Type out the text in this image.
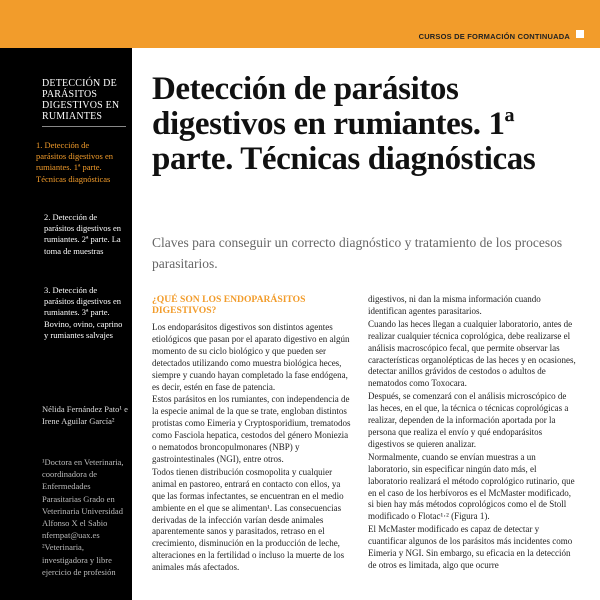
CURSOS DE FORMACIÓN CONTINUADA
DETECCIÓN DE PARÁSITOS DIGESTIVOS EN RUMIANTES
1. Detección de parásitos digestivos en rumiantes. 1ª parte. Técnicas diagnósticas
2. Detección de parásitos digestivos en rumiantes. 2ª parte. La toma de muestras
3. Detección de parásitos digestivos en rumiantes. 3ª parte. Bovino, ovino, caprino y rumiantes salvajes
Nélida Fernández Pato¹ e Irene Aguilar García²
¹Doctora en Veterinaria, coordinadora de Enfermedades Parasitarias Grado en Veterinaria Universidad Alfonso X el Sabio nfernpat@uax.es ²Veterinaria, investigadora y libre ejercicio de profesión
Detección de parásitos digestivos en rumiantes. 1ª parte. Técnicas diagnósticas
Claves para conseguir un correcto diagnóstico y tratamiento de los procesos parasitarios.
¿QUÉ SON LOS ENDOPARÁSITOS DIGESTIVOS?

Los endoparásitos digestivos son distintos agentes etiológicos que pasan por el aparato digestivo en algún momento de su ciclo biológico y que pueden ser detectados utilizando como muestra biológica heces, siempre y cuando hayan completado la fase endógena, es decir, estén en fase de patencia.

Estos parásitos en los rumiantes, con independencia de la especie animal de la que se trate, engloban distintos protistas como Eimeria y Cryptosporidium, trematodos como Fasciola hepatica, cestodos del género Moniezia o nematodos broncopulmonares (NBP) y gastrointestinales (NGI), entre otros.

Todos tienen distribución cosmopolita y cualquier animal en pastoreo, entrará en contacto con ellos, ya que las formas infectantes, se encuentran en el medio ambiente en el que se alimentan¹. Las consecuencias derivadas de la infección varían desde animales aparentemente sanos y parasitados, retraso en el crecimiento, disminución en la producción de leche, alteraciones en la fertilidad o incluso la muerte de los animales más afectados.

digestivos, ni dan la misma información cuando identifican agentes parasitarios.

Cuando las heces llegan a cualquier laboratorio, antes de realizar cualquier técnica coprológica, debe realizarse el análisis macroscópico fecal, que permite observar las características organolépticas de las heces y en ocasiones, detectar anillos grávidos de cestodos o adultos de nematodos como Toxocara.

Después, se comenzará con el análisis microscópico de las heces, en el que, la técnica o técnicas coprológicas a realizar, dependen de la información aportada por la persona que realiza el envío y qué endoparásitos digestivos se quieren analizar.

Normalmente, cuando se envían muestras a un laboratorio, sin especificar ningún dato más, el laboratorio realizará el método coprológico rutinario, que en el caso de los herbívoros es el McMaster modificado, si bien hay más métodos coprológicos como el de Stoll modificado o Flotac¹·² (Figura 1).

El McMaster modificado es capaz de detectar y cuantificar algunos de los parásitos más incidentes como Eimeria y NGI. Sin embargo, su eficacia en la detección de otros es limitada, algo que ocurre
